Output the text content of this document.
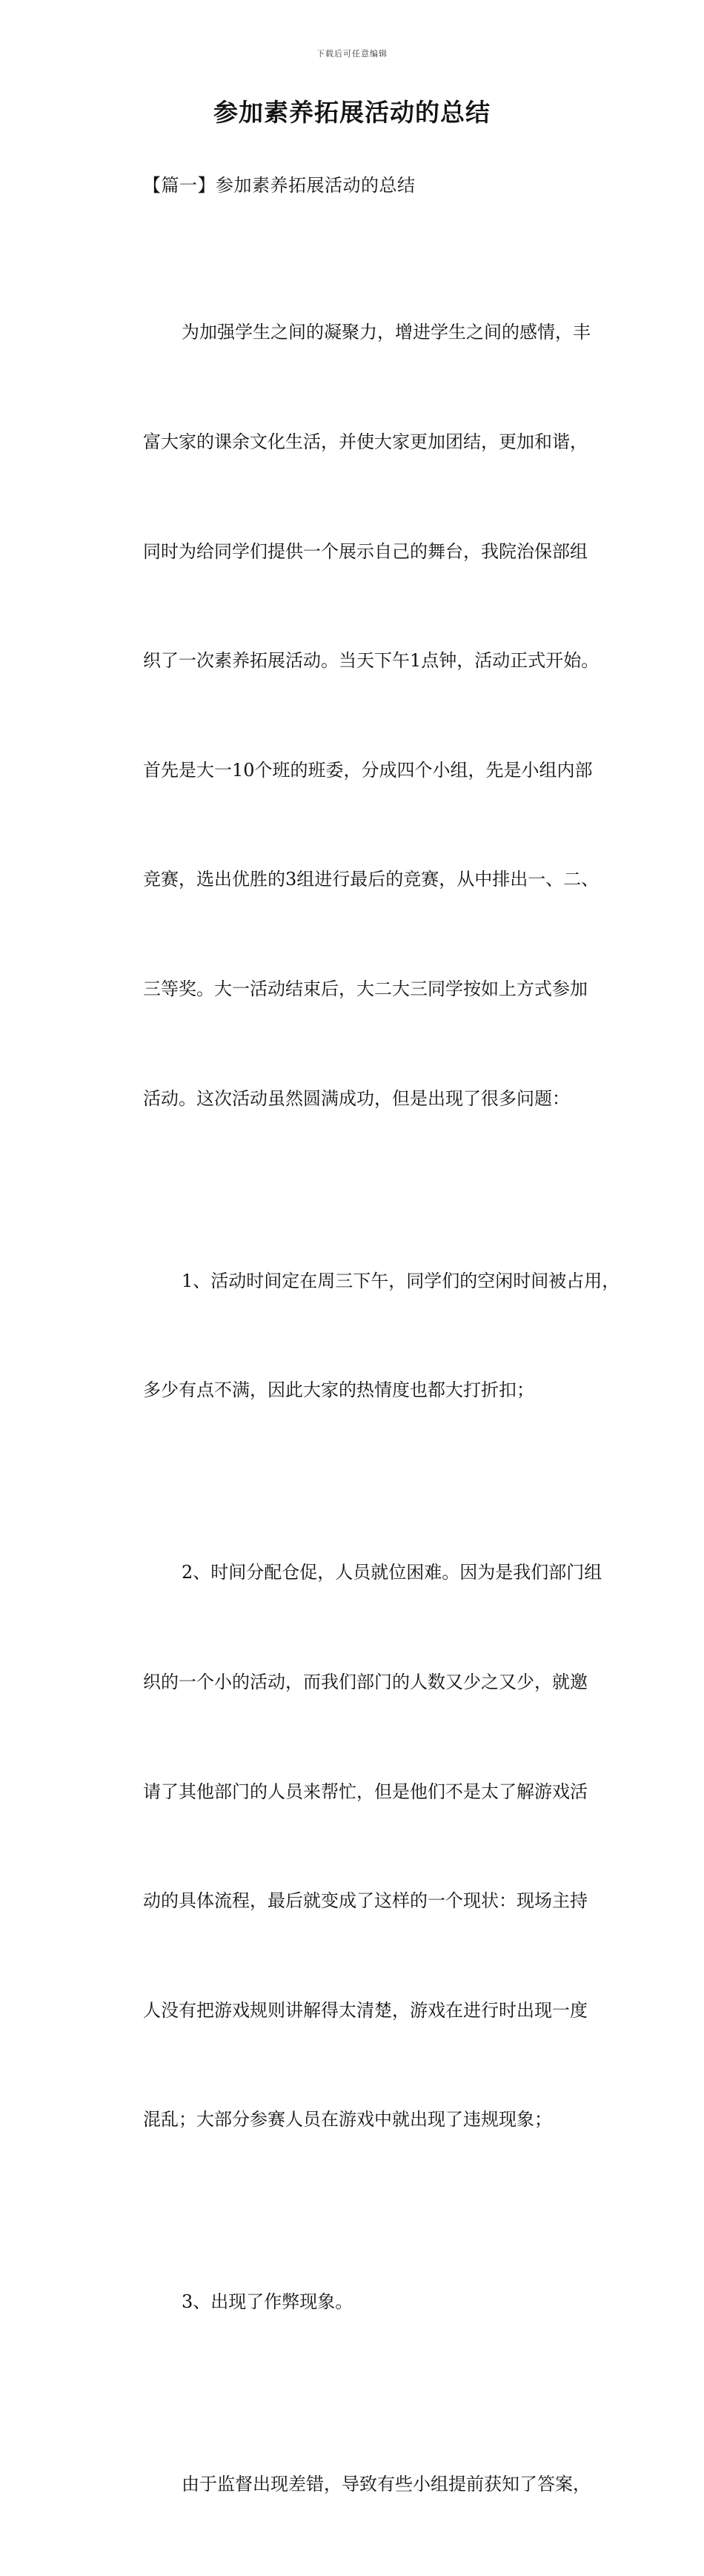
下载后可任意编辑
参加素养拓展活动的总结
【篇一】参加素养拓展活动的总结

为加强学生之间的凝聚力，增进学生之间的感情，丰

富大家的课余文化生活，并使大家更加团结，更加和谐，

同时为给同学们提供一个展示自己的舞台，我院治保部组

织了一次素养拓展活动。当天下午1点钟，活动正式开始。

首先是大一10个班的班委，分成四个小组，先是小组内部

竞赛，选出优胜的3组进行最后的竞赛，从中排出一、二、

三等奖。大一活动结束后，大二大三同学按如上方式参加

活动。这次活动虽然圆满成功，但是出现了很多问题：

1、活动时间定在周三下午，同学们的空闲时间被占用，

多少有点不满，因此大家的热情度也都大打折扣；

2、时间分配仓促，人员就位困难。因为是我们部门组

织的一个小的活动，而我们部门的人数又少之又少，就邀

请了其他部门的人员来帮忙，但是他们不是太了解游戏活

动的具体流程，最后就变成了这样的一个现状：现场主持

人没有把游戏规则讲解得太清楚，游戏在进行时出现一度

混乱；大部分参赛人员在游戏中就出现了违规现象；

3、出现了作弊现象。

由于监督出现差错，导致有些小组提前获知了答案，
